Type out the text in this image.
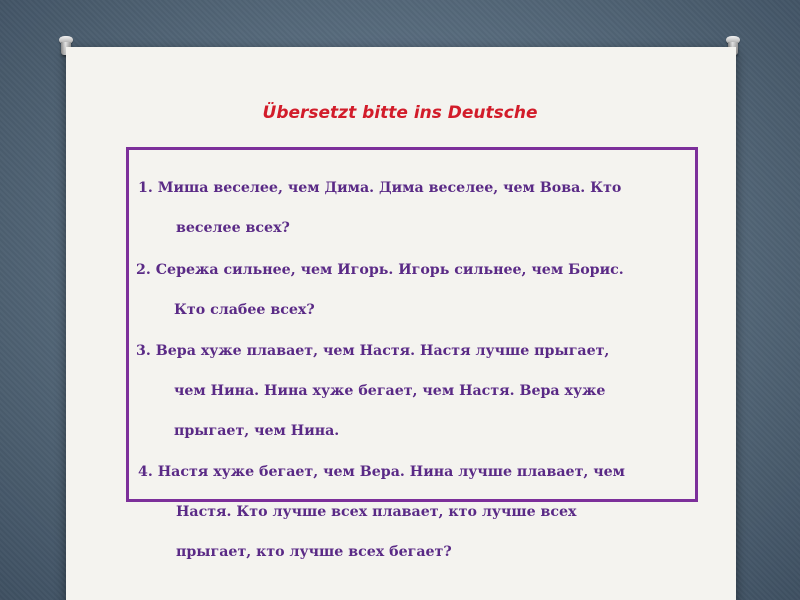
Übersetzt bitte ins Deutsche

1. Миша веселее, чем Дима. Дима веселее, чем Вова. Кто
веселее всех?

2. Сережа сильнее, чем Игорь. Игорь сильнее, чем Борис.
Кто слабее всех?

3. Вера хуже плавает, чем Настя. Настя лучше прыгает,
чем Нина. Нина хуже бегает, чем Настя. Вера хуже
прыгает, чем Нина.

4. Настя хуже бегает, чем Вера. Нина лучше плавает, чем
Настя. Кто лучше всех плавает, кто лучше всех
прыгает, кто лучше всех бегает?
